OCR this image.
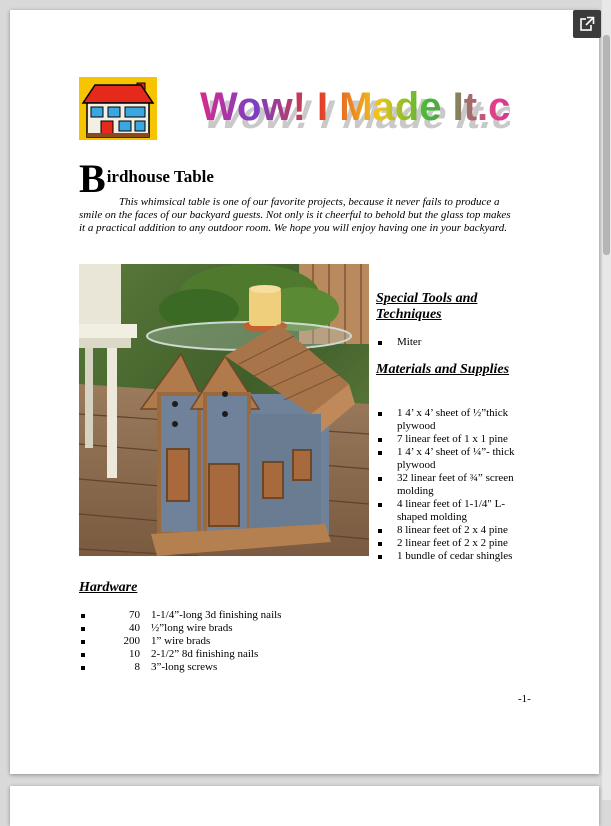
Wow! I Made It.com
Wow! I Made It.c
B irdhouse Table

This whimsical table is one of our favorite projects, because it never fails to produce a smile on the faces of our backyard guests. Not only is it cheerful to behold but the glass top makes it a practical addition to any outdoor room. We hope you will enjoy having one in your backyard.

Special Tools and Techniques
Miter
Materials and Supplies
1 4’ x 4’ sheet of ½”thick plywood
7 linear feet of 1 x 1 pine
1 4’ x 4’ sheet of ¼”- thick plywood
32 linear feet of ¾” screen molding
4 linear feet of 1-1/4" L-shaped molding
8 linear feet of 2 x 4 pine
2 linear feet of 2 x 2 pine
1 bundle of cedar shingles
Hardware
70 1-1/4”-long 3d finishing nails
40 ½”long wire brads
200 1” wire brads
10 2-1/2” 8d finishing nails
8 3”-long screws
-1-
